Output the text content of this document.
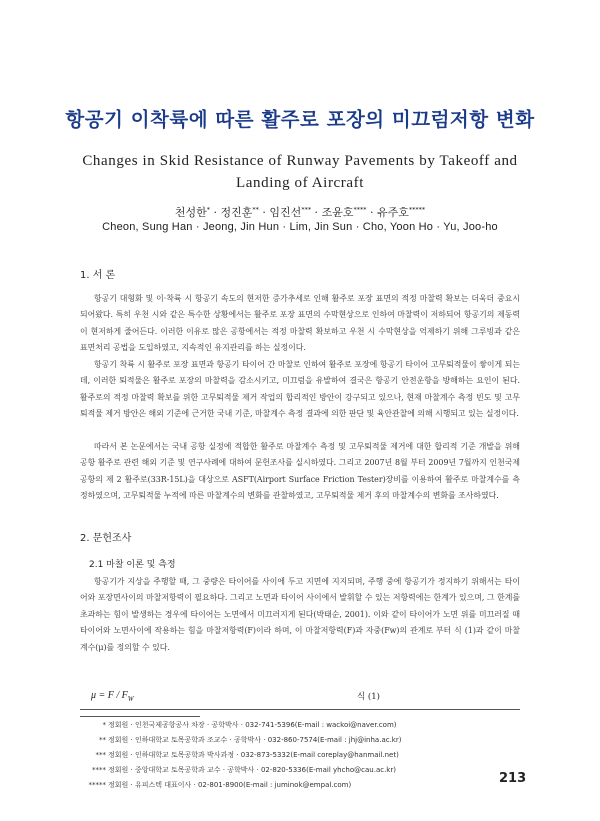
항공기 이착륙에 따른 활주로 포장의 미끄럼저항 변화
Changes in Skid Resistance of Runway Pavements by Takeoff and Landing of Aircraft
천성한* · 정진훈** · 임진선*** · 조윤호**** · 유주호*****
Cheon, Sung Han · Jeong, Jin Hun · Lim, Jin Sun · Cho, Yoon Ho · Yu, Joo-ho
1. 서 론

항공기 대형화 및 이·착륙 시 항공기 속도의 현저한 증가추세로 인해 활주로 포장 표면의 적정 마찰력 확보는 더욱더 중요시 되어왔다. 특히 우천 시와 같은 특수한 상황에서는 활주로 포장 표면의 수막현상으로 인하여 마찰력이 저하되어 항공기의 제동력이 현저하게 줄어든다. 이러한 이유로 많은 공항에서는 적정 마찰력 확보하고 우천 시 수막현상을 억제하기 위해 그루빙과 같은 표면처리 공법을 도입하였고, 지속적인 유지관리를 하는 실정이다.

항공기 착륙 시 활주로 포장 표면과 항공기 타이어 간 마찰로 인하여 활주로 포장에 항공기 타이어 고무퇴적물이 쌓이게 되는데, 이러한 퇴적물은 활주로 포장의 마찰력을 감소시키고, 미끄럼을 유발하여 결국은 항공기 안전운항을 방해하는 요인이 된다. 활주로의 적정 마찰력 확보를 위한 고무퇴적물 제거 작업의 합리적인 방안이 강구되고 있으나, 현재 마찰계수 측정 빈도 및 고무퇴적물 제거 방안은 해외 기준에 근거한 국내 기준, 마찰계수 측정 결과에 의한 판단 및 육안관찰에 의해 시행되고 있는 실정이다.

따라서 본 논문에서는 국내 공항 실정에 적합한 활주로 마찰계수 측정 및 고무퇴적물 제거에 대한 합리적 기준 개발을 위해 공항 활주로 관련 해외 기준 및 연구사례에 대하여 문헌조사를 실시하였다. 그리고 2007년 8월 부터 2009년 7월까지 인천국제공항의 제 2 활주로(33R-15L)을 대상으로 ASFT(Airport Surface Friction Tester)장비를 이용하여 활주로 마찰계수를 측정하였으며, 고무퇴적물 누적에 따른 마찰계수의 변화를 관찰하였고, 고무퇴적물 제거 후의 마찰계수의 변화를 조사하였다.

2. 문헌조사
2.1 마찰 이론 및 측정

항공기가 지상을 주행할 때, 그 중량은 타이어를 사이에 두고 지면에 지지되며, 주행 중에 항공기가 정지하기 위해서는 타이어와 포장면사이의 마찰저항력이 필요하다. 그리고 노면과 타이어 사이에서 발휘할 수 있는 저항력에는 한계가 있으며, 그 한계를 초과하는 힘이 발생하는 경우에 타이어는 노면에서 미끄러지게 된다(박태순, 2001). 이와 같이 타이어가 노면 위를 미끄러질 때 타이어와 노면사이에 작용하는 힘을 마찰저항력(F)이라 하며, 이 마찰저항력(F)과 자중(Fw)의 관계로 부터 식 (1)과 같이 마찰계수(μ)를 정의할 수 있다.

$\mu = F / F_W$	식 (1)
* 정회원 · 인천국제공항공사 차장 · 공학박사 · 032-741-5396(E-mail : wackoi@naver.com)
** 정회원 · 인하대학교 토목공학과 조교수 · 공학박사 · 032-860-7574(E-mail : jhj@inha.ac.kr)
*** 정회원 · 인하대학교 토목공학과 박사과정 · 032-873-5332(E-mail coreplay@hanmail.net)
**** 정회원 · 중앙대학교 토목공학과 교수 · 공학박사 · 02-820-5336(E-mail yhcho@cau.ac.kr)
***** 정회원 · 유피스텍 대표이사 · 02-801-8900(E-mail : juminok@empal.com)	213
